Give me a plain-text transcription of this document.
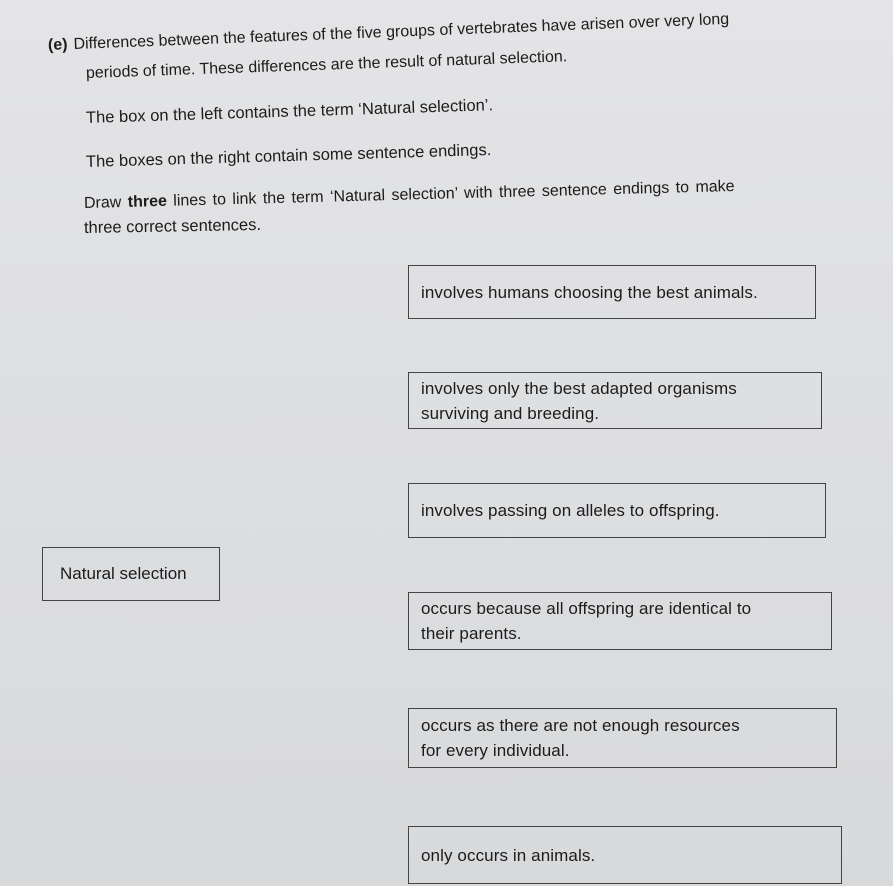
(e) Differences between the features of the five groups of vertebrates have arisen over very long
periods of time. These differences are the result of natural selection.
The box on the left contains the term ‘Natural selection’.
The boxes on the right contain some sentence endings.
Draw three lines to link the term ‘Natural selection’ with three sentence endings to make
three correct sentences.
Natural selection
involves humans choosing the best animals.
involves only the best adapted organisms
surviving and breeding.
involves passing on alleles to offspring.
occurs because all offspring are identical to
their parents.
occurs as there are not enough resources
for every individual.
only occurs in animals.
